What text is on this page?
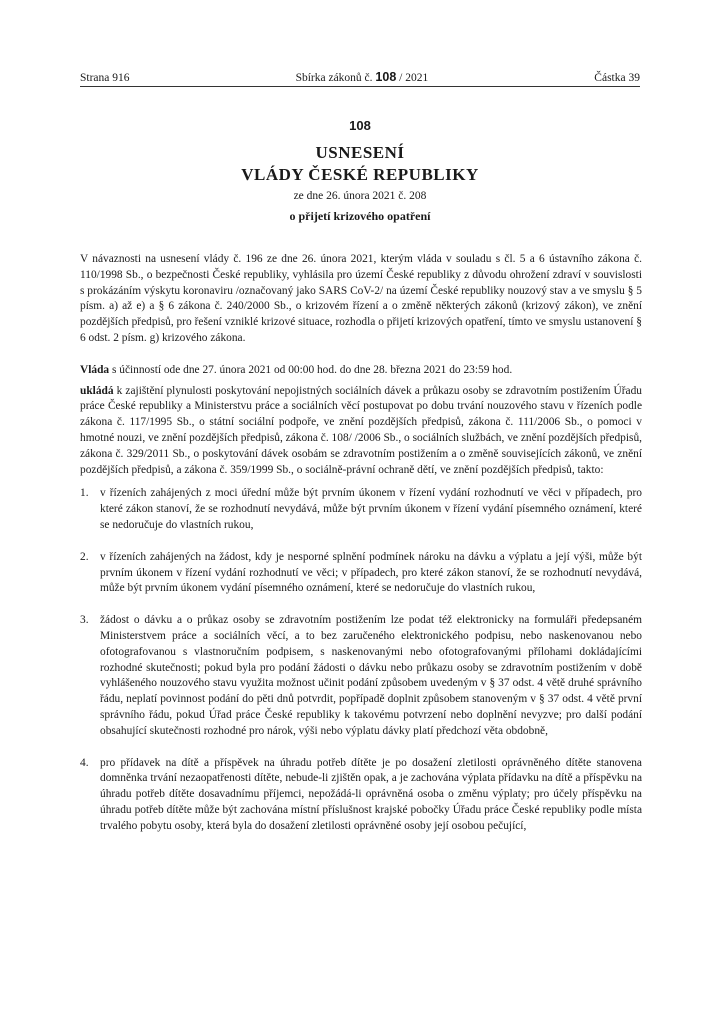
Strana 916	Sbírka zákonů č. 108 / 2021	Částka 39
108
USNESENÍ
VLÁDY ČESKÉ REPUBLIKY
ze dne 26. února 2021 č. 208
o přijetí krizového opatření

V návaznosti na usnesení vlády č. 196 ze dne 26. února 2021, kterým vláda v souladu s čl. 5 a 6 ústavního zákona č. 110/1998 Sb., o bezpečnosti České republiky, vyhlásila pro území České republiky z důvodu ohrožení zdraví v souvislosti s prokázáním výskytu koronaviru /označovaný jako SARS CoV-2/ na území České republiky nouzový stav a ve smyslu § 5 písm. a) až e) a § 6 zákona č. 240/2000 Sb., o krizovém řízení a o změně některých zákonů (krizový zákon), ve znění pozdějších předpisů, pro řešení vzniklé krizové situace, rozhodla o přijetí krizových opatření, tímto ve smyslu ustanovení § 6 odst. 2 písm. g) krizového zákona.

Vláda s účinností ode dne 27. února 2021 od 00:00 hod. do dne 28. března 2021 do 23:59 hod.

ukládá k zajištění plynulosti poskytování nepojistných sociálních dávek a průkazu osoby se zdravotním postižením Úřadu práce České republiky a Ministerstvu práce a sociálních věcí postupovat po dobu trvání nouzového stavu v řízeních podle zákona č. 117/1995 Sb., o státní sociální podpoře, ve znění pozdějších předpisů, zákona č. 111/2006 Sb., o pomoci v hmotné nouzi, ve znění pozdějších předpisů, zákona č. 108/ /2006 Sb., o sociálních službách, ve znění pozdějších předpisů, zákona č. 329/2011 Sb., o poskytování dávek osobám se zdravotním postižením a o změně souvisejících zákonů, ve znění pozdějších předpisů, a zákona č. 359/1999 Sb., o sociálně-právní ochraně dětí, ve znění pozdějších předpisů, takto:

1. v řízeních zahájených z moci úřední může být prvním úkonem v řízení vydání rozhodnutí ve věci v případech, pro které zákon stanoví, že se rozhodnutí nevydává, může být prvním úkonem v řízení vydání písemného oznámení, které se nedoručuje do vlastních rukou,
2. v řízeních zahájených na žádost, kdy je nesporné splnění podmínek nároku na dávku a výplatu a její výši, může být prvním úkonem v řízení vydání rozhodnutí ve věci; v případech, pro které zákon stanoví, že se rozhodnutí nevydává, může být prvním úkonem vydání písemného oznámení, které se nedoručuje do vlastních rukou,
3. žádost o dávku a o průkaz osoby se zdravotním postižením lze podat též elektronicky na formuláři předepsaném Ministerstvem práce a sociálních věcí, a to bez zaručeného elektronického podpisu, nebo naskenovanou nebo ofotografovanou s vlastnoručním podpisem, s naskenovanými nebo ofotografovanými přílohami dokládajícími rozhodné skutečnosti; pokud byla pro podání žádosti o dávku nebo průkazu osoby se zdravotním postižením v době vyhlášeného nouzového stavu využita možnost učinit podání způsobem uvedeným v § 37 odst. 4 větě druhé správního řádu, neplatí povinnost podání do pěti dnů potvrdit, popřípadě doplnit způsobem stanoveným v § 37 odst. 4 větě první správního řádu, pokud Úřad práce České republiky k takovému potvrzení nebo doplnění nevyzve; pro další podání obsahující skutečnosti rozhodné pro nárok, výši nebo výplatu dávky platí předchozí věta obdobně,
4. pro přídavek na dítě a příspěvek na úhradu potřeb dítěte je po dosažení zletilosti oprávněného dítěte stanovena domněnka trvání nezaopatřenosti dítěte, nebude-li zjištěn opak, a je zachována výplata přídavku na dítě a příspěvku na úhradu potřeb dítěte dosavadnímu příjemci, nepožádá-li oprávněná osoba o změnu výplaty; pro účely příspěvku na úhradu potřeb dítěte může být zachována místní příslušnost krajské pobočky Úřadu práce České republiky podle místa trvalého pobytu osoby, která byla do dosažení zletilosti oprávněné osoby její osobou pečující,
